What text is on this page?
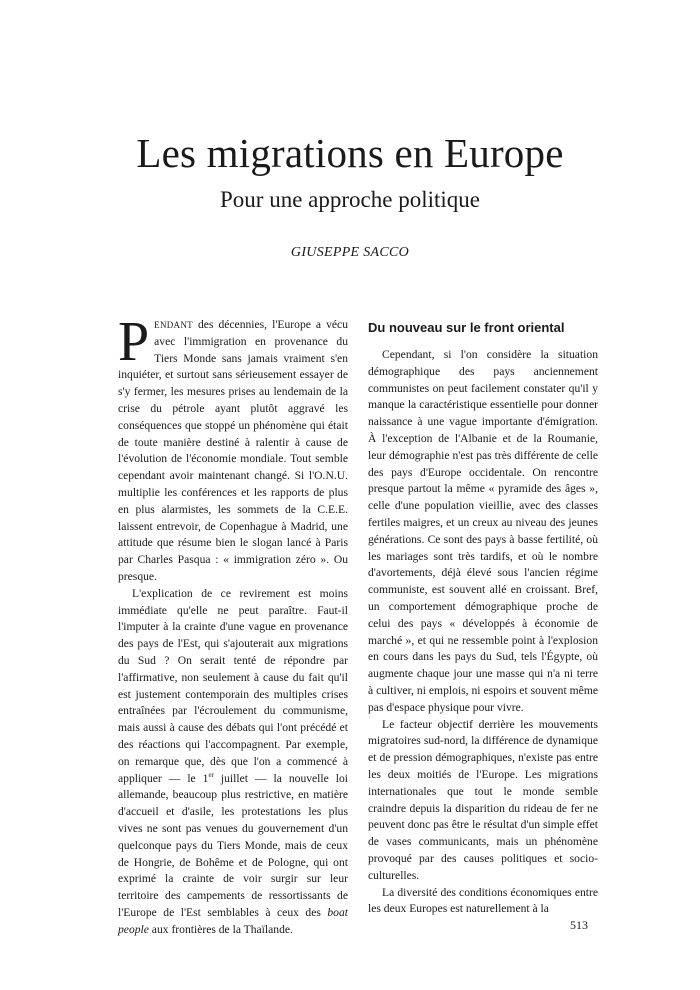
Les migrations en Europe
Pour une approche politique
GIUSEPPE SACCO

PENDANT des décennies, l'Europe a vécu avec l'immigration en provenance du Tiers Monde sans jamais vraiment s'en inquiéter, et surtout sans sérieusement essayer de s'y fermer, les mesures prises au lendemain de la crise du pétrole ayant plutôt aggravé les conséquences que stoppé un phénomène qui était de toute manière destiné à ralentir à cause de l'évolution de l'économie mondiale. Tout semble cependant avoir maintenant changé. Si l'O.N.U. multiplie les conférences et les rapports de plus en plus alarmistes, les sommets de la C.E.E. laissent entrevoir, de Copenhague à Madrid, une attitude que résume bien le slogan lancé à Paris par Charles Pasqua : « immigration zéro ». Ou presque.

L'explication de ce revirement est moins immédiate qu'elle ne peut paraître. Faut-il l'imputer à la crainte d'une vague en provenance des pays de l'Est, qui s'ajouterait aux migrations du Sud ? On serait tenté de répondre par l'affirmative, non seulement à cause du fait qu'il est justement contemporain des multiples crises entraînées par l'écroulement du communisme, mais aussi à cause des débats qui l'ont précédé et des réactions qui l'accompagnent. Par exemple, on remarque que, dès que l'on a commencé à appliquer — le 1er juillet — la nouvelle loi allemande, beaucoup plus restrictive, en matière d'accueil et d'asile, les protestations les plus vives ne sont pas venues du gouvernement d'un quelconque pays du Tiers Monde, mais de ceux de Hongrie, de Bohême et de Pologne, qui ont exprimé la crainte de voir surgir sur leur territoire des campements de ressortissants de l'Europe de l'Est semblables à ceux des boat people aux frontières de la Thaïlande.

Du nouveau sur le front oriental

Cependant, si l'on considère la situation démographique des pays anciennement communistes on peut facilement constater qu'il y manque la caractéristique essentielle pour donner naissance à une vague importante d'émigration. À l'exception de l'Albanie et de la Roumanie, leur démographie n'est pas très différente de celle des pays d'Europe occidentale. On rencontre presque partout la même « pyramide des âges », celle d'une population vieillie, avec des classes fertiles maigres, et un creux au niveau des jeunes générations. Ce sont des pays à basse fertilité, où les mariages sont très tardifs, et où le nombre d'avortements, déjà élevé sous l'ancien régime communiste, est souvent allé en croissant. Bref, un comportement démographique proche de celui des pays « développés à économie de marché », et qui ne ressemble point à l'explosion en cours dans les pays du Sud, tels l'Égypte, où augmente chaque jour une masse qui n'a ni terre à cultiver, ni emplois, ni espoirs et souvent même pas d'espace physique pour vivre.

Le facteur objectif derrière les mouvements migratoires sud-nord, la différence de dynamique et de pression démographiques, n'existe pas entre les deux moitiés de l'Europe. Les migrations internationales que tout le monde semble craindre depuis la disparition du rideau de fer ne peuvent donc pas être le résultat d'un simple effet de vases communicants, mais un phénomène provoqué par des causes politiques et socio-culturelles.

La diversité des conditions économiques entre les deux Europes est naturellement à la

513
